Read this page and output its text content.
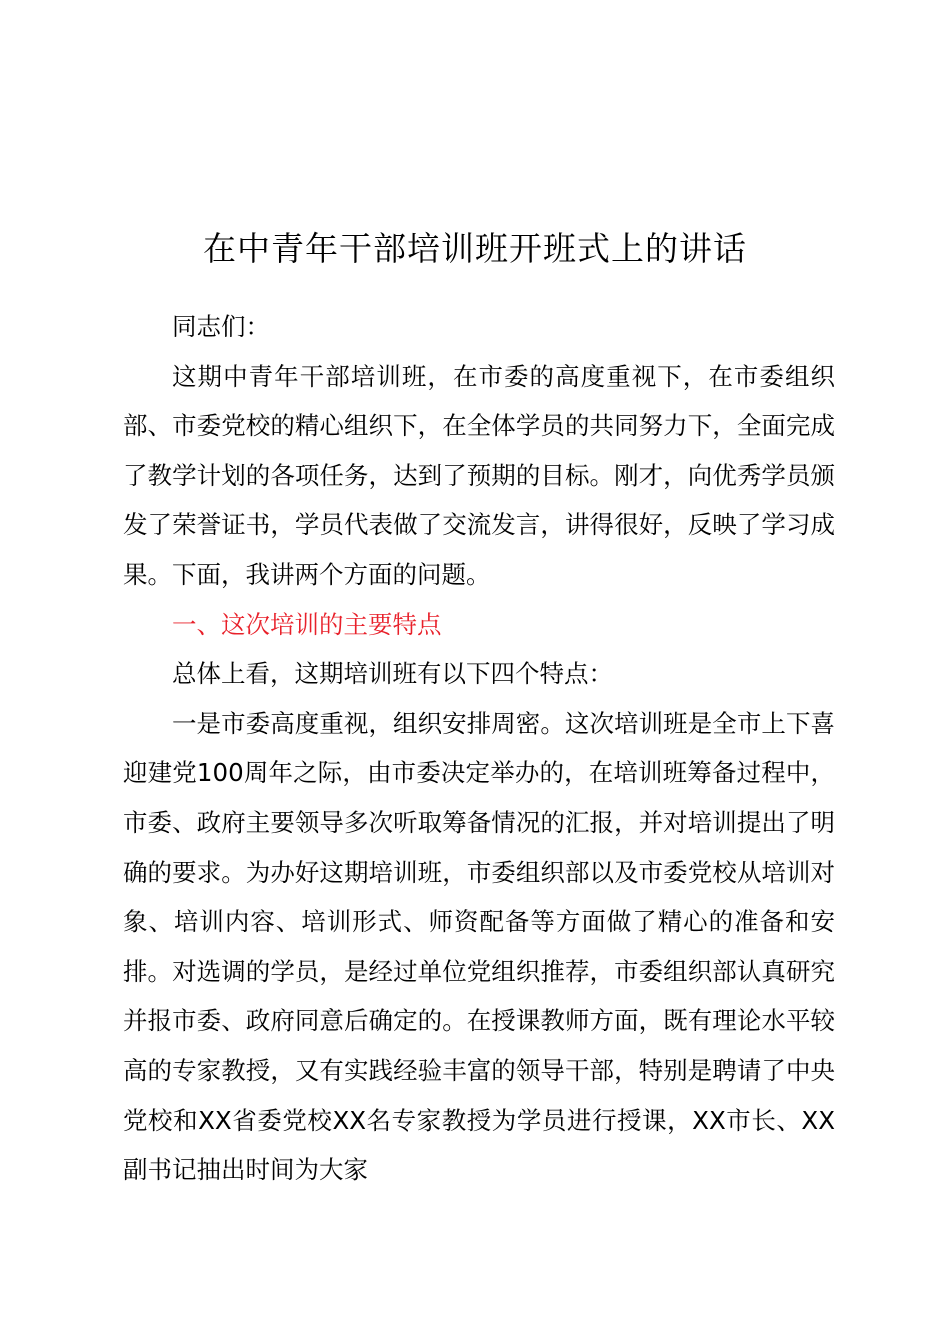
在中青年干部培训班开班式上的讲话

同志们：

这期中青年干部培训班，在市委的高度重视下，在市委组织部、市委党校的精心组织下，在全体学员的共同努力下，全面完成了教学计划的各项任务，达到了预期的目标。刚才，向优秀学员颁发了荣誉证书，学员代表做了交流发言，讲得很好，反映了学习成果。下面，我讲两个方面的问题。

一、这次培训的主要特点

总体上看，这期培训班有以下四个特点：

一是市委高度重视，组织安排周密。这次培训班是全市上下喜迎建党100周年之际，由市委决定举办的，在培训班筹备过程中，市委、政府主要领导多次听取筹备情况的汇报，并对培训提出了明确的要求。为办好这期培训班，市委组织部以及市委党校从培训对象、培训内容、培训形式、师资配备等方面做了精心的准备和安排。对选调的学员，是经过单位党组织推荐，市委组织部认真研究并报市委、政府同意后确定的。在授课教师方面，既有理论水平较高的专家教授，又有实践经验丰富的领导干部，特别是聘请了中央党校和XX省委党校XX名专家教授为学员进行授课，XX市长、XX副书记抽出时间为大家
